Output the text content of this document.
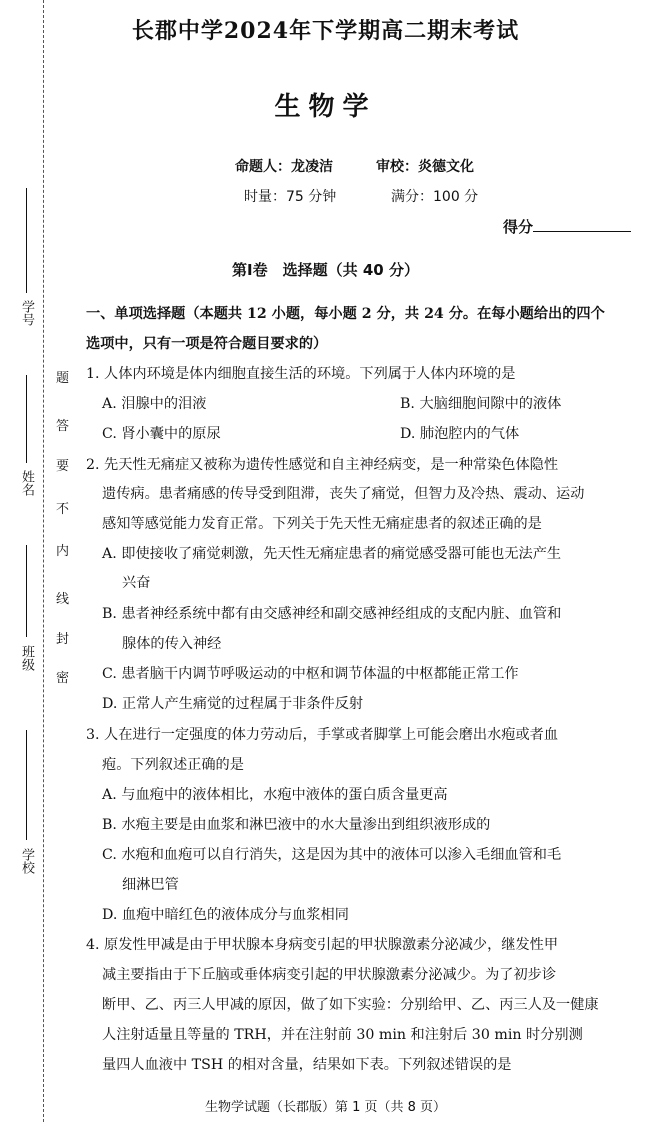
学号
姓名
班级
学校
题
答
要
不
内
线
封
密
长郡中学2024年下学期高二期末考试
生物学
命题人：龙凌洁	审校：炎德文化
时量：75 分钟	满分：100 分
得分
第Ⅰ卷　选择题（共 40 分）
一、单项选择题（本题共 12 小题，每小题 2 分，共 24 分。在每小题给出的四个
选项中，只有一项是符合题目要求的）
1. 人体内环境是体内细胞直接生活的环境。下列属于人体内环境的是
A. 泪腺中的泪液	B. 大脑细胞间隙中的液体
C. 肾小囊中的原尿	D. 肺泡腔内的气体
2. 先天性无痛症又被称为遗传性感觉和自主神经病变，是一种常染色体隐性
遗传病。患者痛感的传导受到阻滞，丧失了痛觉，但智力及冷热、震动、运动
感知等感觉能力发育正常。下列关于先天性无痛症患者的叙述正确的是
A. 即使接收了痛觉刺激，先天性无痛症患者的痛觉感受器可能也无法产生
兴奋
B. 患者神经系统中都有由交感神经和副交感神经组成的支配内脏、血管和
腺体的传入神经
C. 患者脑干内调节呼吸运动的中枢和调节体温的中枢都能正常工作
D. 正常人产生痛觉的过程属于非条件反射
3. 人在进行一定强度的体力劳动后，手掌或者脚掌上可能会磨出水疱或者血
疱。下列叙述正确的是
A. 与血疱中的液体相比，水疱中液体的蛋白质含量更高
B. 水疱主要是由血浆和淋巴液中的水大量渗出到组织液形成的
C. 水疱和血疱可以自行消失，这是因为其中的液体可以渗入毛细血管和毛
细淋巴管
D. 血疱中暗红色的液体成分与血浆相同
4. 原发性甲减是由于甲状腺本身病变引起的甲状腺激素分泌减少，继发性甲
减主要指由于下丘脑或垂体病变引起的甲状腺激素分泌减少。为了初步诊
断甲、乙、丙三人甲减的原因，做了如下实验：分别给甲、乙、丙三人及一健康
人注射适量且等量的 TRH，并在注射前 30 min 和注射后 30 min 时分别测
量四人血液中 TSH 的相对含量，结果如下表。下列叙述错误的是
生物学试题（长郡版）第 1 页（共 8 页）
